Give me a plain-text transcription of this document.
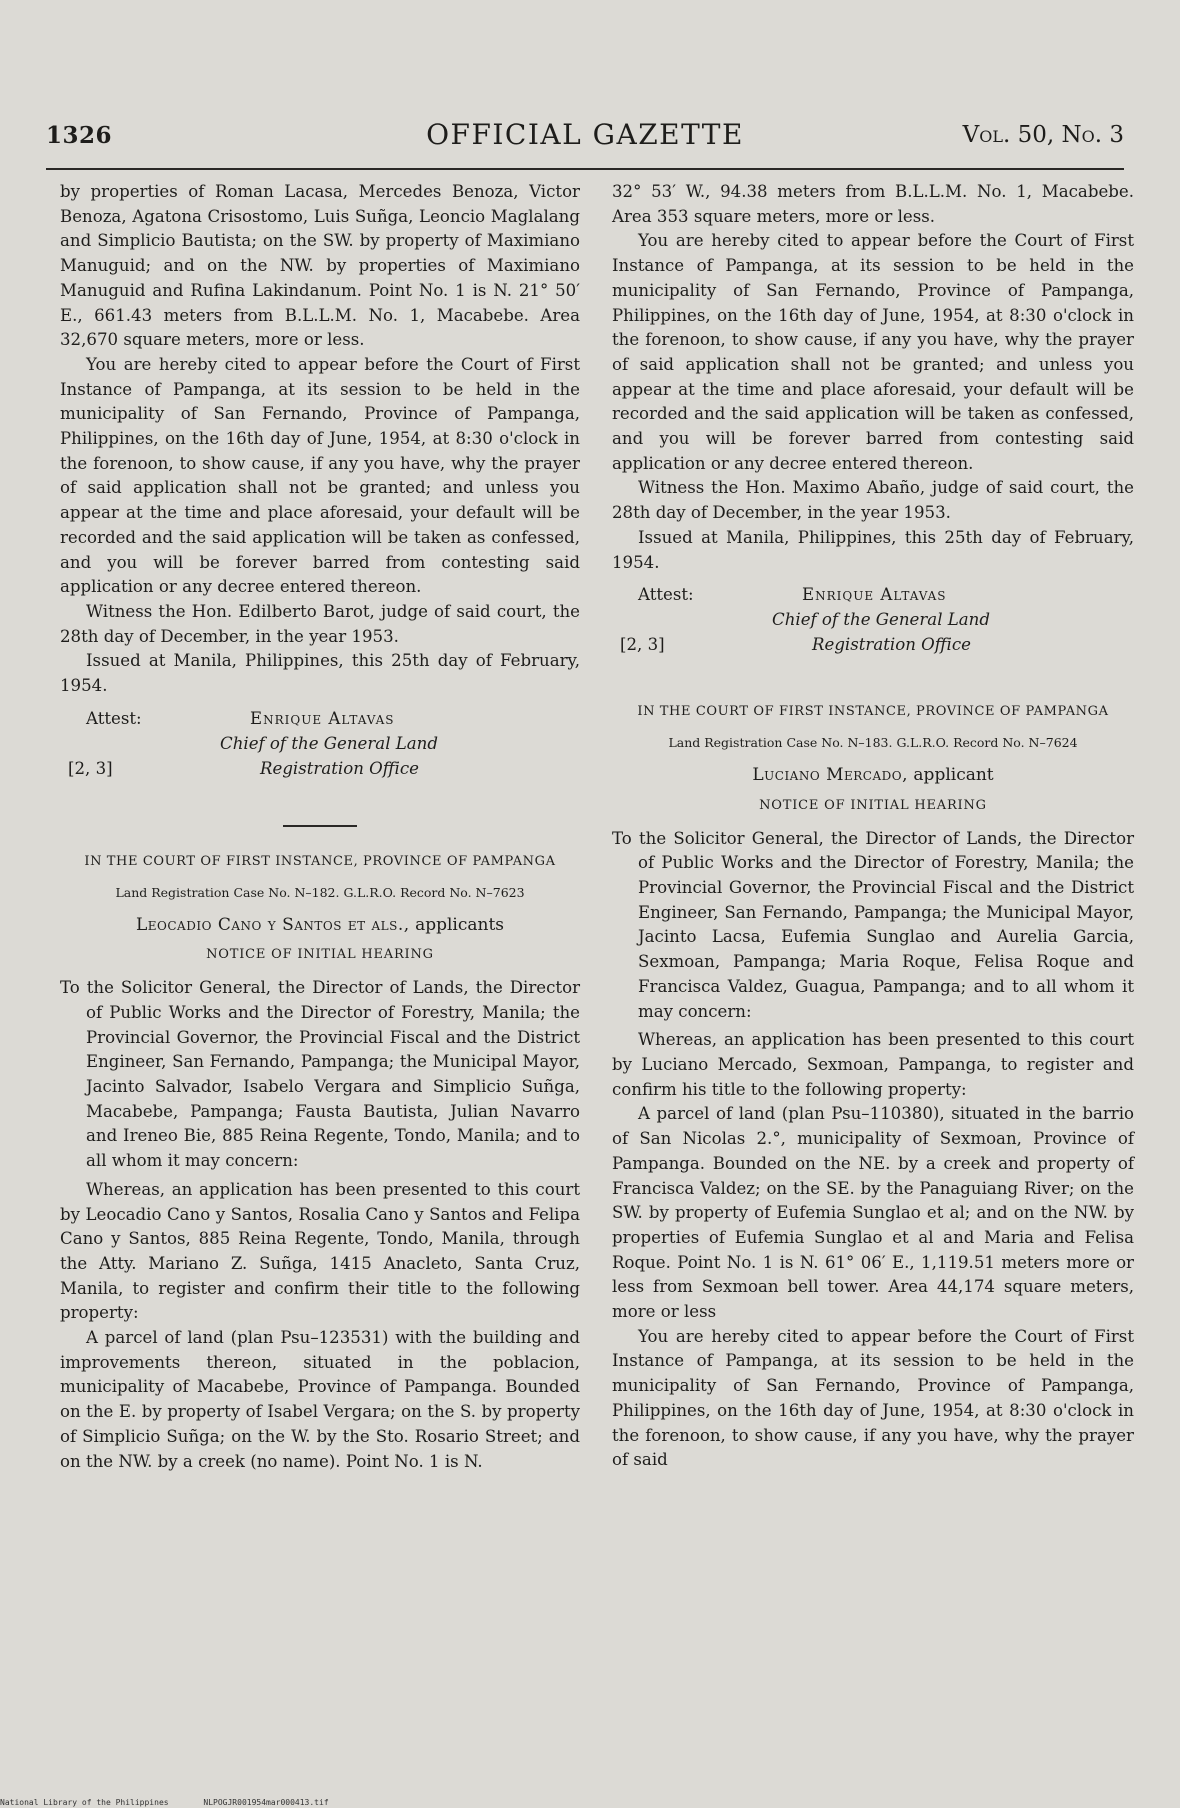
1326	OFFICIAL GAZETTE	Vol. 50, No. 3

by properties of Roman Lacasa, Mercedes Benoza, Victor Benoza, Agatona Crisostomo, Luis Suñga, Leoncio Maglalang and Simplicio Bautista; on the SW. by property of Maximiano Manuguid; and on the NW. by properties of Maximiano Manuguid and Rufina Lakindanum. Point No. 1 is N. 21° 50′ E., 661.43 meters from B.L.L.M. No. 1, Macabebe. Area 32,670 square meters, more or less.

You are hereby cited to appear before the Court of First Instance of Pampanga, at its session to be held in the municipality of San Fernando, Province of Pampanga, Philippines, on the 16th day of June, 1954, at 8:30 o'clock in the forenoon, to show cause, if any you have, why the prayer of said application shall not be granted; and unless you appear at the time and place aforesaid, your default will be recorded and the said application will be taken as confessed, and you will be forever barred from contesting said application or any decree entered thereon.

Witness the Hon. Edilberto Barot, judge of said court, the 28th day of December, in the year 1953.

Issued at Manila, Philippines, this 25th day of February, 1954.

Attest:	Enrique Altavas
Chief of the General Land
[2, 3]	Registration Office
IN THE COURT OF FIRST INSTANCE, PROVINCE OF PAMPANGA
Land Registration Case No. N–182. G.L.R.O. Record No. N–7623
Leocadio Cano y Santos et als., applicants
NOTICE OF INITIAL HEARING

To the Solicitor General, the Director of Lands, the Director of Public Works and the Director of Forestry, Manila; the Provincial Governor, the Provincial Fiscal and the District Engineer, San Fernando, Pampanga; the Municipal Mayor, Jacinto Salvador, Isabelo Vergara and Simplicio Suñga, Macabebe, Pampanga; Fausta Bautista, Julian Navarro and Ireneo Bie, 885 Reina Regente, Tondo, Manila; and to all whom it may concern:

Whereas, an application has been presented to this court by Leocadio Cano y Santos, Rosalia Cano y Santos and Felipa Cano y Santos, 885 Reina Regente, Tondo, Manila, through the Atty. Mariano Z. Suñga, 1415 Anacleto, Santa Cruz, Manila, to register and confirm their title to the following property:

A parcel of land (plan Psu–123531) with the building and improvements thereon, situated in the poblacion, municipality of Macabebe, Province of Pampanga. Bounded on the E. by property of Isabel Vergara; on the S. by property of Simplicio Suñga; on the W. by the Sto. Rosario Street; and on the NW. by a creek (no name). Point No. 1 is N.

32° 53′ W., 94.38 meters from B.L.L.M. No. 1, Macabebe. Area 353 square meters, more or less.

You are hereby cited to appear before the Court of First Instance of Pampanga, at its session to be held in the municipality of San Fernando, Province of Pampanga, Philippines, on the 16th day of June, 1954, at 8:30 o'clock in the forenoon, to show cause, if any you have, why the prayer of said application shall not be granted; and unless you appear at the time and place aforesaid, your default will be recorded and the said application will be taken as confessed, and you will be forever barred from contesting said application or any decree entered thereon.

Witness the Hon. Maximo Abaño, judge of said court, the 28th day of December, in the year 1953.

Issued at Manila, Philippines, this 25th day of February, 1954.

Attest:	Enrique Altavas
Chief of the General Land
[2, 3]	Registration Office
IN THE COURT OF FIRST INSTANCE, PROVINCE OF PAMPANGA
Land Registration Case No. N–183. G.L.R.O. Record No. N–7624
Luciano Mercado, applicant
NOTICE OF INITIAL HEARING

To the Solicitor General, the Director of Lands, the Director of Public Works and the Director of Forestry, Manila; the Provincial Governor, the Provincial Fiscal and the District Engineer, San Fernando, Pampanga; the Municipal Mayor, Jacinto Lacsa, Eufemia Sunglao and Aurelia Garcia, Sexmoan, Pampanga; Maria Roque, Felisa Roque and Francisca Valdez, Guagua, Pampanga; and to all whom it may concern:

Whereas, an application has been presented to this court by Luciano Mercado, Sexmoan, Pampanga, to register and confirm his title to the following property:

A parcel of land (plan Psu–110380), situated in the barrio of San Nicolas 2.°, municipality of Sexmoan, Province of Pampanga. Bounded on the NE. by a creek and property of Francisca Valdez; on the SE. by the Panaguiang River; on the SW. by property of Eufemia Sunglao et al; and on the NW. by properties of Eufemia Sunglao et al and Maria and Felisa Roque. Point No. 1 is N. 61° 06′ E., 1,119.51 meters more or less from Sexmoan bell tower. Area 44,174 square meters, more or less

You are hereby cited to appear before the Court of First Instance of Pampanga, at its session to be held in the municipality of San Fernando, Province of Pampanga, Philippines, on the 16th day of June, 1954, at 8:30 o'clock in the forenoon, to show cause, if any you have, why the prayer of said

National Library of the Philippines	NLPOGJR001954mar000413.tif
